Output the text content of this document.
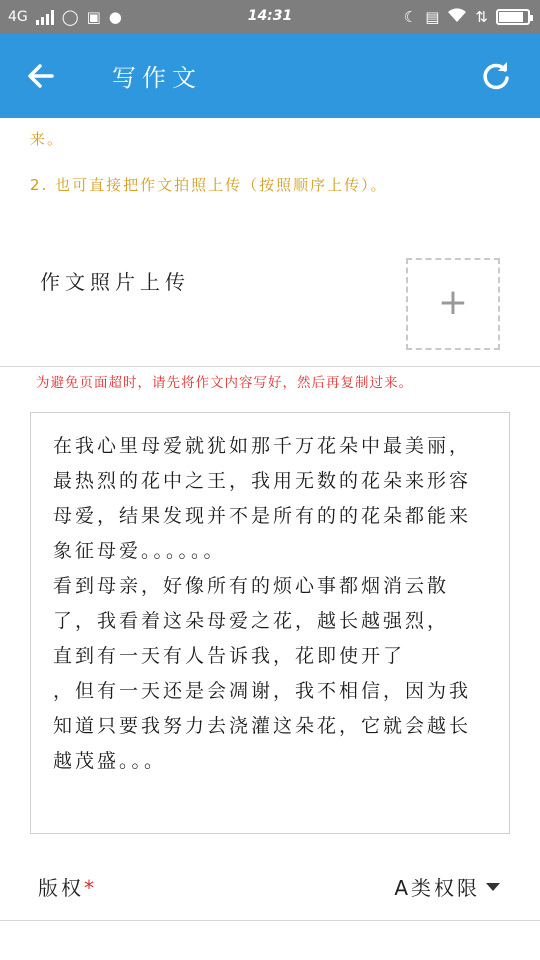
4G ◯ ▣ ●	14:31	☾ ▤ ⇅
写作文
来。
2. 也可直接把作文拍照上传（按照顺序上传）。
作文照片上传	+
为避免页面超时，请先将作文内容写好，然后再复制过来。
在我心里母爱就犹如那千万花朵中最美丽，最热烈的花中之王，我用无数的花朵来形容母爱，结果发现并不是所有的的花朵都能来象征母爱。。。。。。
看到母亲，好像所有的烦心事都烟消云散了，我看着这朵母爱之花，越长越强烈，
直到有一天有人告诉我，花即使开了
，但有一天还是会凋谢，我不相信，因为我知道只要我努力去浇灌这朵花，它就会越长越茂盛。。。
版权*	A类权限
